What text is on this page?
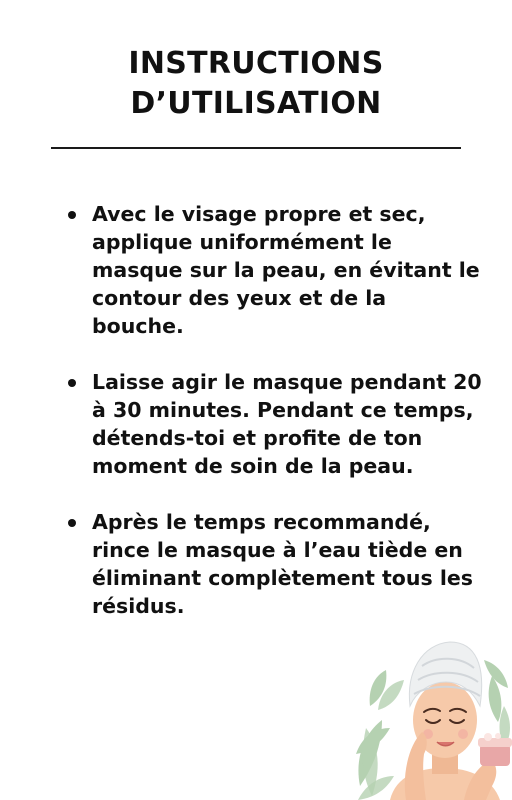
INSTRUCTIONS
D’UTILISATION
Avec le visage propre et sec, applique uniformément le masque sur la peau, en évitant le contour des yeux et de la bouche.
Laisse agir le masque pendant 20 à 30 minutes. Pendant ce temps, détends-toi et profite de ton moment de soin de la peau.
Après le temps recommandé, rince le masque à l’eau tiède en éliminant complètement tous les résidus.
